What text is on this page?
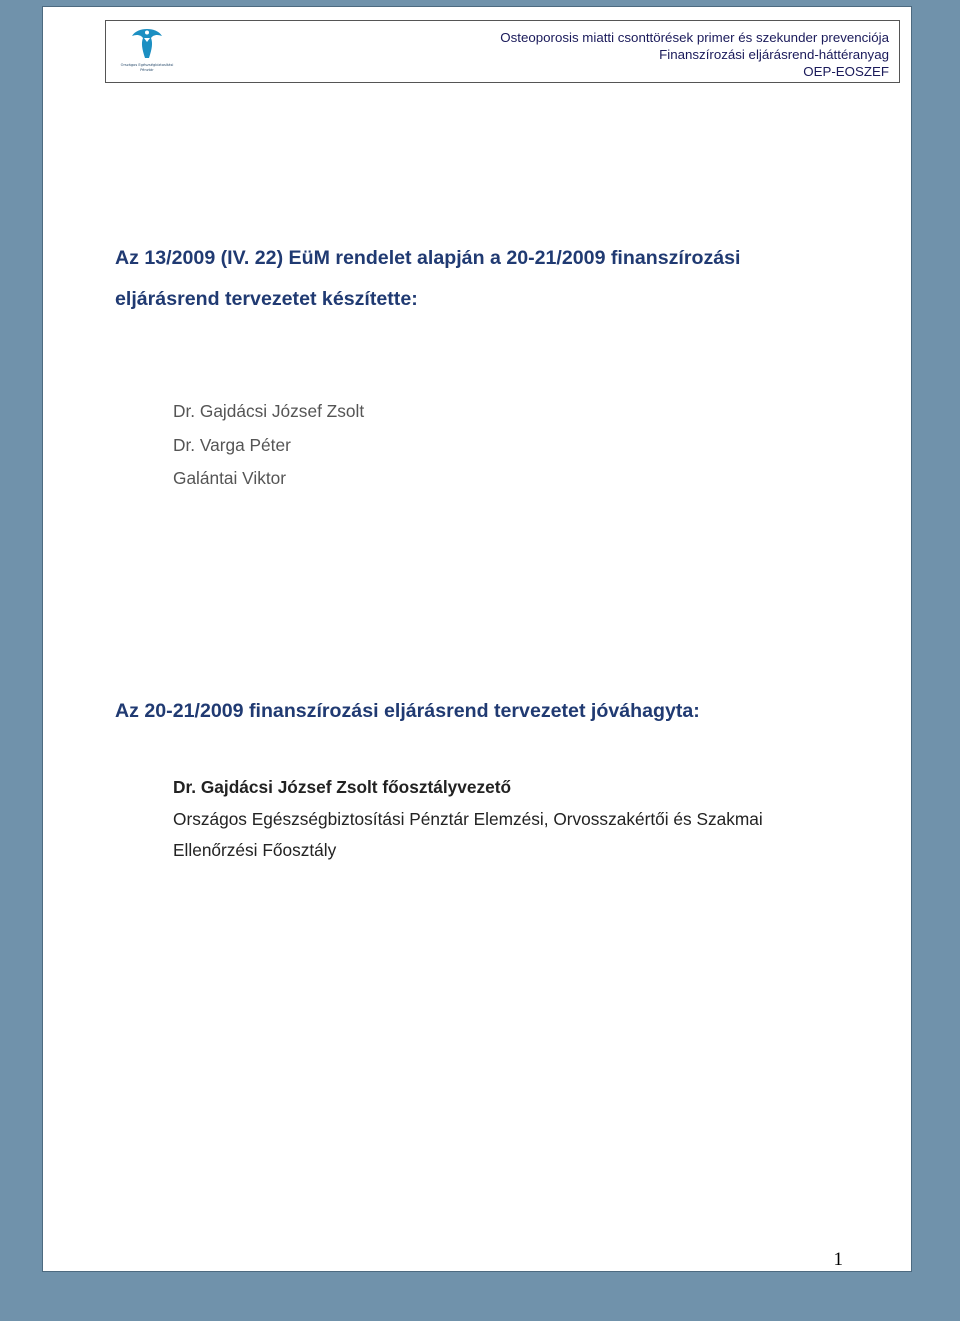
Országos Egészségbiztosítási Pénztár
Osteoporosis miatti csonttörések primer és szekunder prevenciója
Finanszírozási eljárásrend-háttéranyag
OEP-EOSZEF
Az 13/2009 (IV. 22) EüM rendelet alapján a 20-21/2009 finanszírozási
eljárásrend tervezetet készítette:
Dr. Gajdácsi József Zsolt
Dr. Varga Péter
Galántai Viktor
Az 20-21/2009 finanszírozási eljárásrend tervezetet jóváhagyta:
Dr. Gajdácsi József Zsolt főosztályvezető
Országos Egészségbiztosítási Pénztár Elemzési, Orvosszakértői és Szakmai
Ellenőrzési Főosztály
1
